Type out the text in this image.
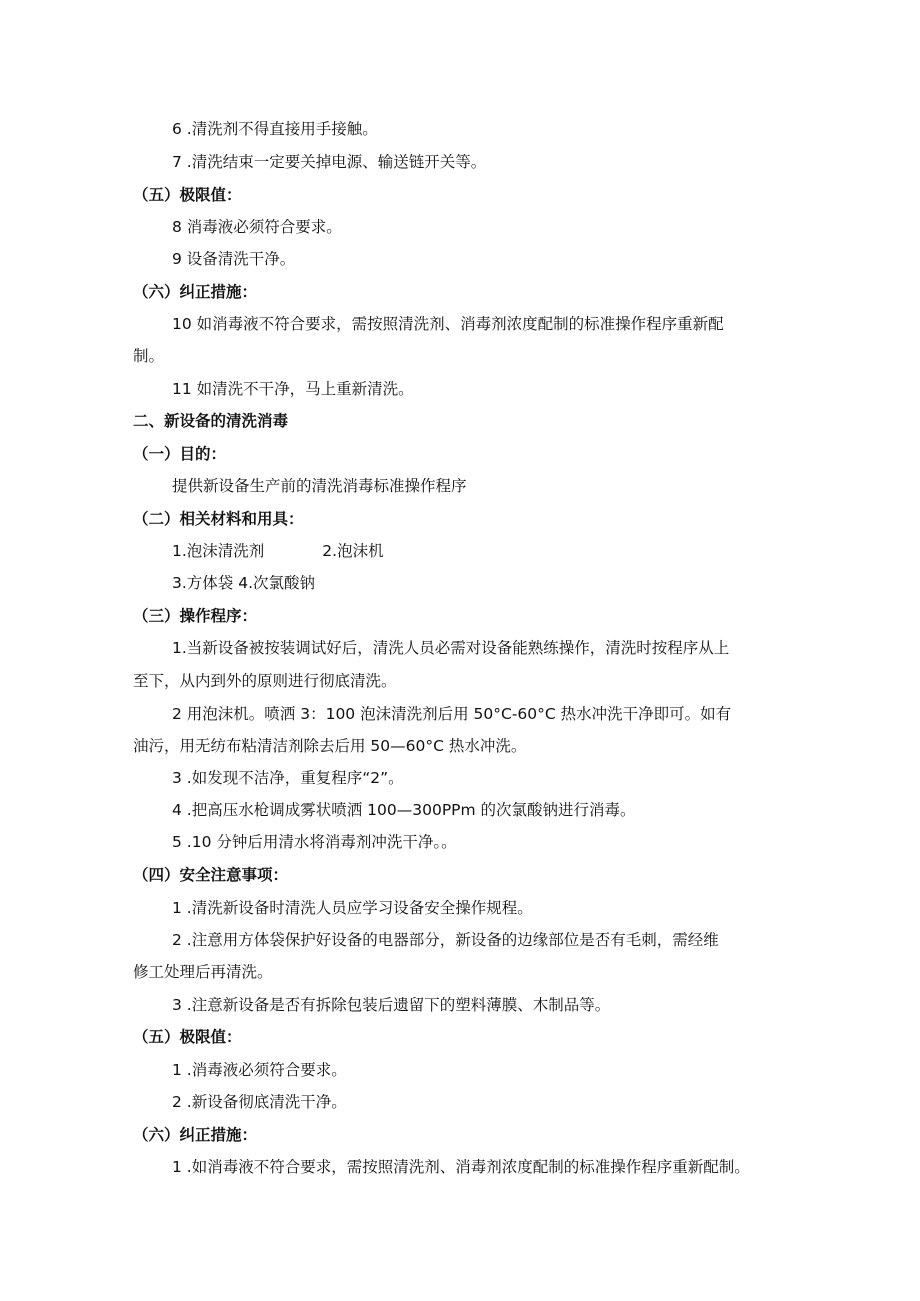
6 .清洗剂不得直接用手接触。
7 .清洗结束一定要关掉电源、输送链开关等。
（五）极限值：
8 消毒液必须符合要求。
9 设备清洗干净。
（六）纠正措施：
10 如消毒液不符合要求，需按照清洗剂、消毒剂浓度配制的标准操作程序重新配
制。
11 如清洗不干净，马上重新清洗。
二、新设备的清洗消毒
（一）目的：
提供新设备生产前的清洗消毒标准操作程序
（二）相关材料和用具：
1.泡沫清洗剂	2.泡沫机
3.方体袋 4.次氯酸钠
（三）操作程序：
1.当新设备被按装调试好后，清洗人员必需对设备能熟练操作，清洗时按程序从上
至下，从内到外的原则进行彻底清洗。
2 用泡沫机。喷洒 3：100 泡沫清洗剂后用 50°C-60°C 热水冲洗干净即可。如有
油污，用无纺布粘清洁剂除去后用 50—60°C 热水冲洗。
3 .如发现不洁净，重复程序“2”。
4 .把高压水枪调成雾状喷洒 100—300PPm 的次氯酸钠进行消毒。
5 .10 分钟后用清水将消毒剂冲洗干净。。
（四）安全注意事项：
1 .清洗新设备时清洗人员应学习设备安全操作规程。
2 .注意用方体袋保护好设备的电器部分，新设备的边缘部位是否有毛刺，需经维
修工处理后再清洗。
3 .注意新设备是否有拆除包装后遗留下的塑料薄膜、木制品等。
（五）极限值：
1 .消毒液必须符合要求。
2 .新设备彻底清洗干净。
（六）纠正措施：
1 .如消毒液不符合要求，需按照清洗剂、消毒剂浓度配制的标准操作程序重新配制。
